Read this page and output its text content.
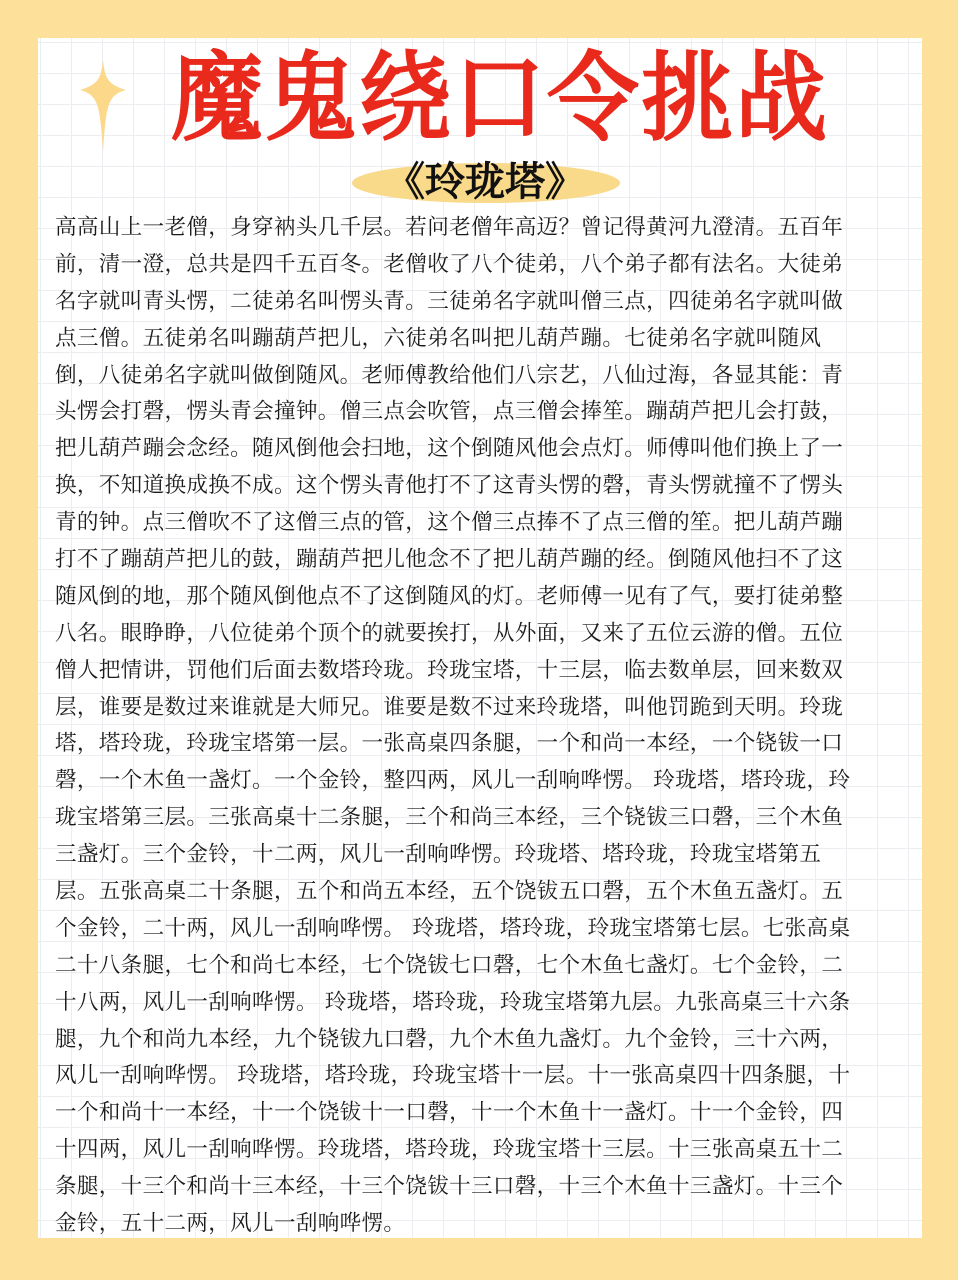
魔鬼绕口令挑战
《玲珑塔》
高高山上一老僧，身穿衲头几千层。若问老僧年高迈？曾记得黄河九澄清。五百年
前，清一澄，总共是四千五百冬。老僧收了八个徒弟，八个弟子都有法名。大徒弟
名字就叫青头愣，二徒弟名叫愣头青。三徒弟名字就叫僧三点，四徒弟名字就叫做
点三僧。五徒弟名叫蹦葫芦把儿，六徒弟名叫把儿葫芦蹦。七徒弟名字就叫随风
倒，八徒弟名字就叫做倒随风。老师傅教给他们八宗艺，八仙过海，各显其能：青
头愣会打磬，愣头青会撞钟。僧三点会吹管，点三僧会捧笙。蹦葫芦把儿会打鼓，
把儿葫芦蹦会念经。随风倒他会扫地，这个倒随风他会点灯。师傅叫他们换上了一
换，不知道换成换不成。这个愣头青他打不了这青头愣的磬，青头愣就撞不了愣头
青的钟。点三僧吹不了这僧三点的管，这个僧三点捧不了点三僧的笙。把儿葫芦蹦
打不了蹦葫芦把儿的鼓，蹦葫芦把儿他念不了把儿葫芦蹦的经。倒随风他扫不了这
随风倒的地，那个随风倒他点不了这倒随风的灯。老师傅一见有了气，要打徒弟整
八名。眼睁睁，八位徒弟个顶个的就要挨打，从外面，又来了五位云游的僧。五位
僧人把情讲，罚他们后面去数塔玲珑。玲珑宝塔，十三层，临去数单层，回来数双
层，谁要是数过来谁就是大师兄。谁要是数不过来玲珑塔，叫他罚跪到天明。玲珑
塔，塔玲珑，玲珑宝塔第一层。一张高桌四条腿，一个和尚一本经，一个铙钹一口
磬，一个木鱼一盏灯。一个金铃，整四两，风儿一刮响哗愣。 玲珑塔，塔玲珑，玲
珑宝塔第三层。三张高桌十二条腿，三个和尚三本经，三个铙钹三口磬，三个木鱼
三盏灯。三个金铃，十二两，风儿一刮响哗愣。玲珑塔、塔玲珑，玲珑宝塔第五
层。五张高桌二十条腿，五个和尚五本经，五个饶钹五口磬，五个木鱼五盏灯。五
个金铃，二十两，风儿一刮响哗愣。 玲珑塔，塔玲珑，玲珑宝塔第七层。七张高桌
二十八条腿，七个和尚七本经，七个饶钹七口磬，七个木鱼七盏灯。七个金铃，二
十八两，风儿一刮响哗愣。 玲珑塔，塔玲珑，玲珑宝塔第九层。九张高桌三十六条
腿，九个和尚九本经，九个铙钹九口磬，九个木鱼九盏灯。九个金铃，三十六两，
风儿一刮响哗愣。 玲珑塔，塔玲珑，玲珑宝塔十一层。十一张高桌四十四条腿，十
一个和尚十一本经，十一个饶钹十一口磬，十一个木鱼十一盏灯。十一个金铃，四
十四两，风儿一刮响哗愣。玲珑塔，塔玲珑，玲珑宝塔十三层。十三张高桌五十二
条腿，十三个和尚十三本经，十三个饶钹十三口磬，十三个木鱼十三盏灯。十三个
金铃，五十二两，风儿一刮响哗愣。
